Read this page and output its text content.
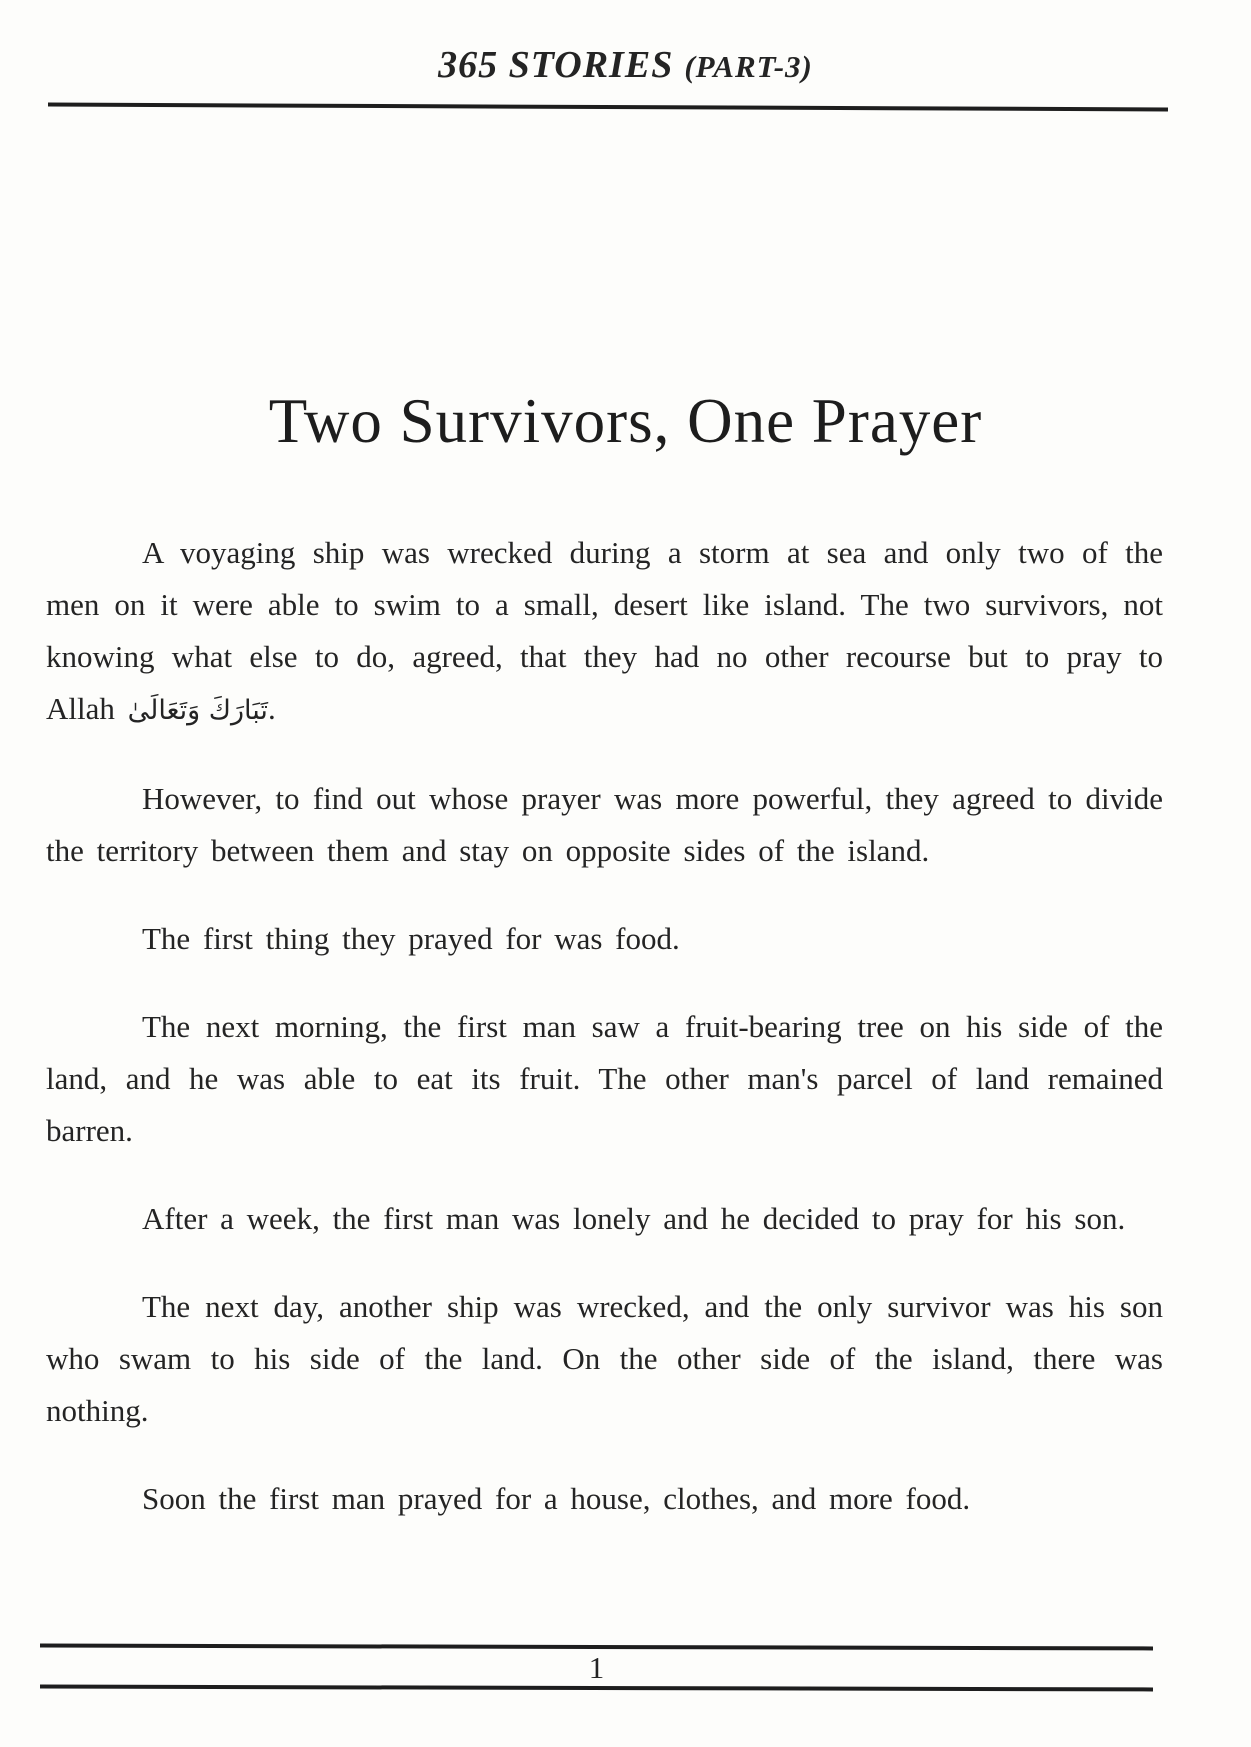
365 STORIES (PART-3)
Two Survivors, One Prayer

A voyaging ship was wrecked during a storm at sea and only two of the men on it were able to swim to a small, desert like island. The two survivors, not knowing what else to do, agreed, that they had no other recourse but to pray to Allah تَبَارَكَ وَتَعَالَىٰ.

However, to find out whose prayer was more powerful, they agreed to divide the territory between them and stay on opposite sides of the island.

The first thing they prayed for was food.

The next morning, the first man saw a fruit-bearing tree on his side of the land, and he was able to eat its fruit. The other man's parcel of land remained barren.

After a week, the first man was lonely and he decided to pray for his son.

The next day, another ship was wrecked, and the only survivor was his son who swam to his side of the land. On the other side of the island, there was nothing.

Soon the first man prayed for a house, clothes, and more food.

1
